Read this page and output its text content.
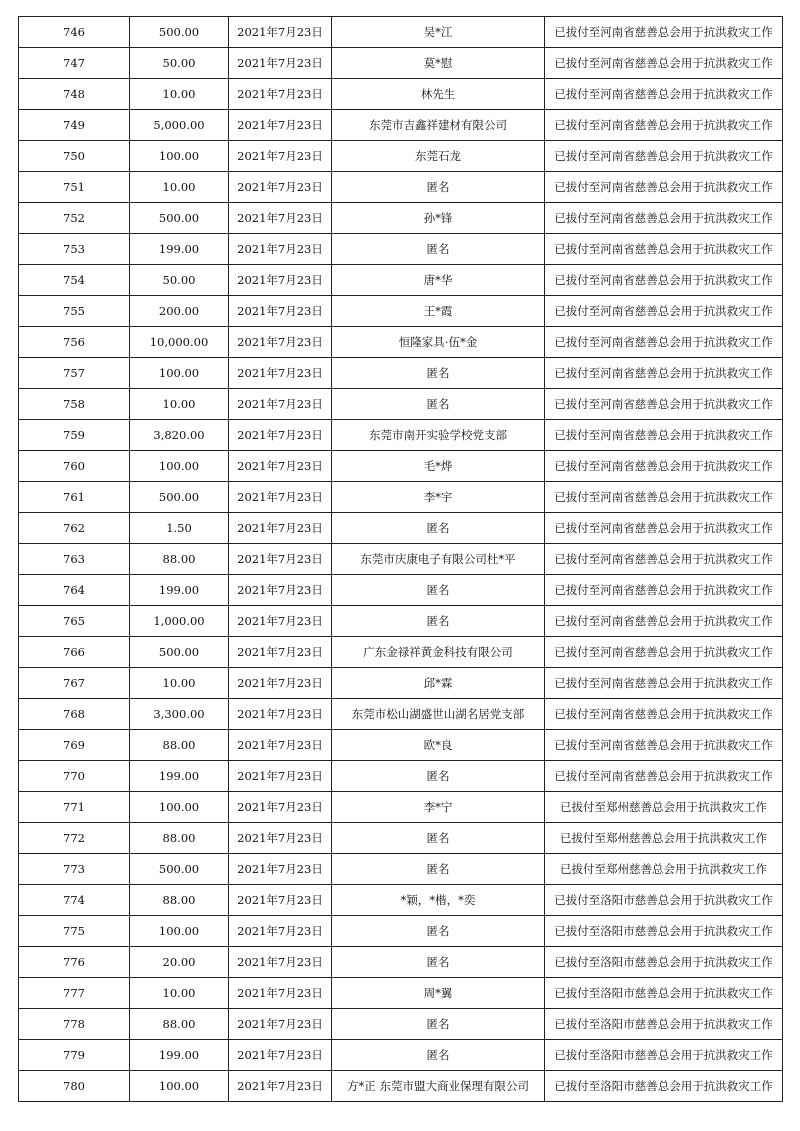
746	500.00	2021年7月23日	吴*江	已拔付至河南省慈善总会用于抗洪救灾工作
747	50.00	2021年7月23日	莫*慰	已拔付至河南省慈善总会用于抗洪救灾工作
748	10.00	2021年7月23日	林先生	已拔付至河南省慈善总会用于抗洪救灾工作
749	5,000.00	2021年7月23日	东莞市吉鑫祥建材有限公司	已拔付至河南省慈善总会用于抗洪救灾工作
750	100.00	2021年7月23日	东莞石龙	已拔付至河南省慈善总会用于抗洪救灾工作
751	10.00	2021年7月23日	匿名	已拔付至河南省慈善总会用于抗洪救灾工作
752	500.00	2021年7月23日	孙*锋	已拔付至河南省慈善总会用于抗洪救灾工作
753	199.00	2021年7月23日	匿名	已拔付至河南省慈善总会用于抗洪救灾工作
754	50.00	2021年7月23日	唐*华	已拔付至河南省慈善总会用于抗洪救灾工作
755	200.00	2021年7月23日	王*霞	已拔付至河南省慈善总会用于抗洪救灾工作
756	10,000.00	2021年7月23日	恒隆家具·伍*金	已拔付至河南省慈善总会用于抗洪救灾工作
757	100.00	2021年7月23日	匿名	已拔付至河南省慈善总会用于抗洪救灾工作
758	10.00	2021年7月23日	匿名	已拔付至河南省慈善总会用于抗洪救灾工作
759	3,820.00	2021年7月23日	东莞市南开实验学校党支部	已拔付至河南省慈善总会用于抗洪救灾工作
760	100.00	2021年7月23日	毛*烨	已拔付至河南省慈善总会用于抗洪救灾工作
761	500.00	2021年7月23日	李*宇	已拔付至河南省慈善总会用于抗洪救灾工作
762	1.50	2021年7月23日	匿名	已拔付至河南省慈善总会用于抗洪救灾工作
763	88.00	2021年7月23日	东莞市庆康电子有限公司杜*平	已拔付至河南省慈善总会用于抗洪救灾工作
764	199.00	2021年7月23日	匿名	已拔付至河南省慈善总会用于抗洪救灾工作
765	1,000.00	2021年7月23日	匿名	已拔付至河南省慈善总会用于抗洪救灾工作
766	500.00	2021年7月23日	广东金禄祥黄金科技有限公司	已拔付至河南省慈善总会用于抗洪救灾工作
767	10.00	2021年7月23日	邱*霖	已拔付至河南省慈善总会用于抗洪救灾工作
768	3,300.00	2021年7月23日	东莞市松山湖盛世山湖名居党支部	已拔付至河南省慈善总会用于抗洪救灾工作
769	88.00	2021年7月23日	欧*良	已拔付至河南省慈善总会用于抗洪救灾工作
770	199.00	2021年7月23日	匿名	已拔付至河南省慈善总会用于抗洪救灾工作
771	100.00	2021年7月23日	李*宁	已拔付至郑州慈善总会用于抗洪救灾工作
772	88.00	2021年7月23日	匿名	已拔付至郑州慈善总会用于抗洪救灾工作
773	500.00	2021年7月23日	匿名	已拔付至郑州慈善总会用于抗洪救灾工作
774	88.00	2021年7月23日	*颖，*楷，*奕	已拔付至洛阳市慈善总会用于抗洪救灾工作
775	100.00	2021年7月23日	匿名	已拔付至洛阳市慈善总会用于抗洪救灾工作
776	20.00	2021年7月23日	匿名	已拔付至洛阳市慈善总会用于抗洪救灾工作
777	10.00	2021年7月23日	周*翼	已拔付至洛阳市慈善总会用于抗洪救灾工作
778	88.00	2021年7月23日	匿名	已拔付至洛阳市慈善总会用于抗洪救灾工作
779	199.00	2021年7月23日	匿名	已拔付至洛阳市慈善总会用于抗洪救灾工作
780	100.00	2021年7月23日	方*正 东莞市盟大商业保理有限公司	已拔付至洛阳市慈善总会用于抗洪救灾工作
